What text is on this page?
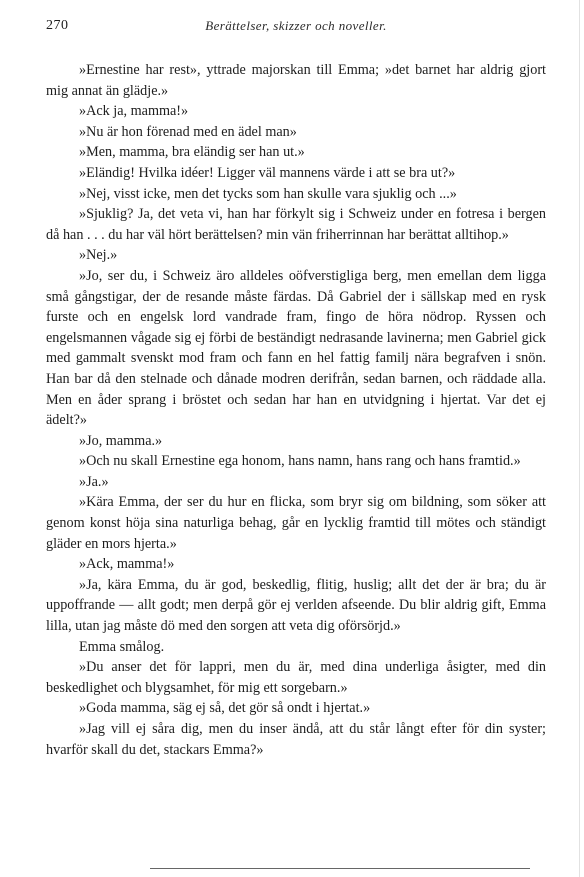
270	Berättelser, skizzer och noveller.

»Ernestine har rest», yttrade majorskan till Emma; »det barnet har aldrig gjort mig annat än glädje.»

»Ack ja, mamma!»

»Nu är hon förenad med en ädel man»

»Men, mamma, bra eländig ser han ut.»

»Eländig! Hvilka idéer! Ligger väl mannens värde i att se bra ut?»

»Nej, visst icke, men det tycks som han skulle vara sjuklig och ...»

»Sjuklig? Ja, det veta vi, han har förkylt sig i Schweiz under en fotresa i bergen då han . . . du har väl hört berättelsen? min vän friherrinnan har berättat alltihop.»

»Nej.»

»Jo, ser du, i Schweiz äro alldeles oöfverstigliga berg, men emellan dem ligga små gångstigar, der de resande måste färdas. Då Gabriel der i sällskap med en rysk furste och en engelsk lord vandrade fram, fingo de höra nödrop. Ryssen och engelsmannen vågade sig ej förbi de beständigt nedrasande lavinerna; men Gabriel gick med gammalt svenskt mod fram och fann en hel fattig familj nära begrafven i snön. Han bar då den stelnade och dånade modren derifrån, sedan barnen, och räddade alla. Men en åder sprang i bröstet och sedan har han en utvidgning i hjertat. Var det ej ädelt?»

»Jo, mamma.»

»Och nu skall Ernestine ega honom, hans namn, hans rang och hans framtid.»

»Ja.»

»Kära Emma, der ser du hur en flicka, som bryr sig om bildning, som söker att genom konst höja sina naturliga behag, går en lycklig framtid till mötes och ständigt gläder en mors hjerta.»

»Ack, mamma!»

»Ja, kära Emma, du är god, beskedlig, flitig, huslig; allt det der är bra; du är uppoffrande — allt godt; men derpå gör ej verlden afseende. Du blir aldrig gift, Emma lilla, utan jag måste dö med den sorgen att veta dig oförsörjd.»

Emma smålog.

»Du anser det för lappri, men du är, med dina underliga åsigter, med din beskedlighet och blygsamhet, för mig ett sorgebarn.»

»Goda mamma, säg ej så, det gör så ondt i hjertat.»

»Jag vill ej såra dig, men du inser ändå, att du står långt efter för din syster; hvarför skall du det, stackars Emma?»
